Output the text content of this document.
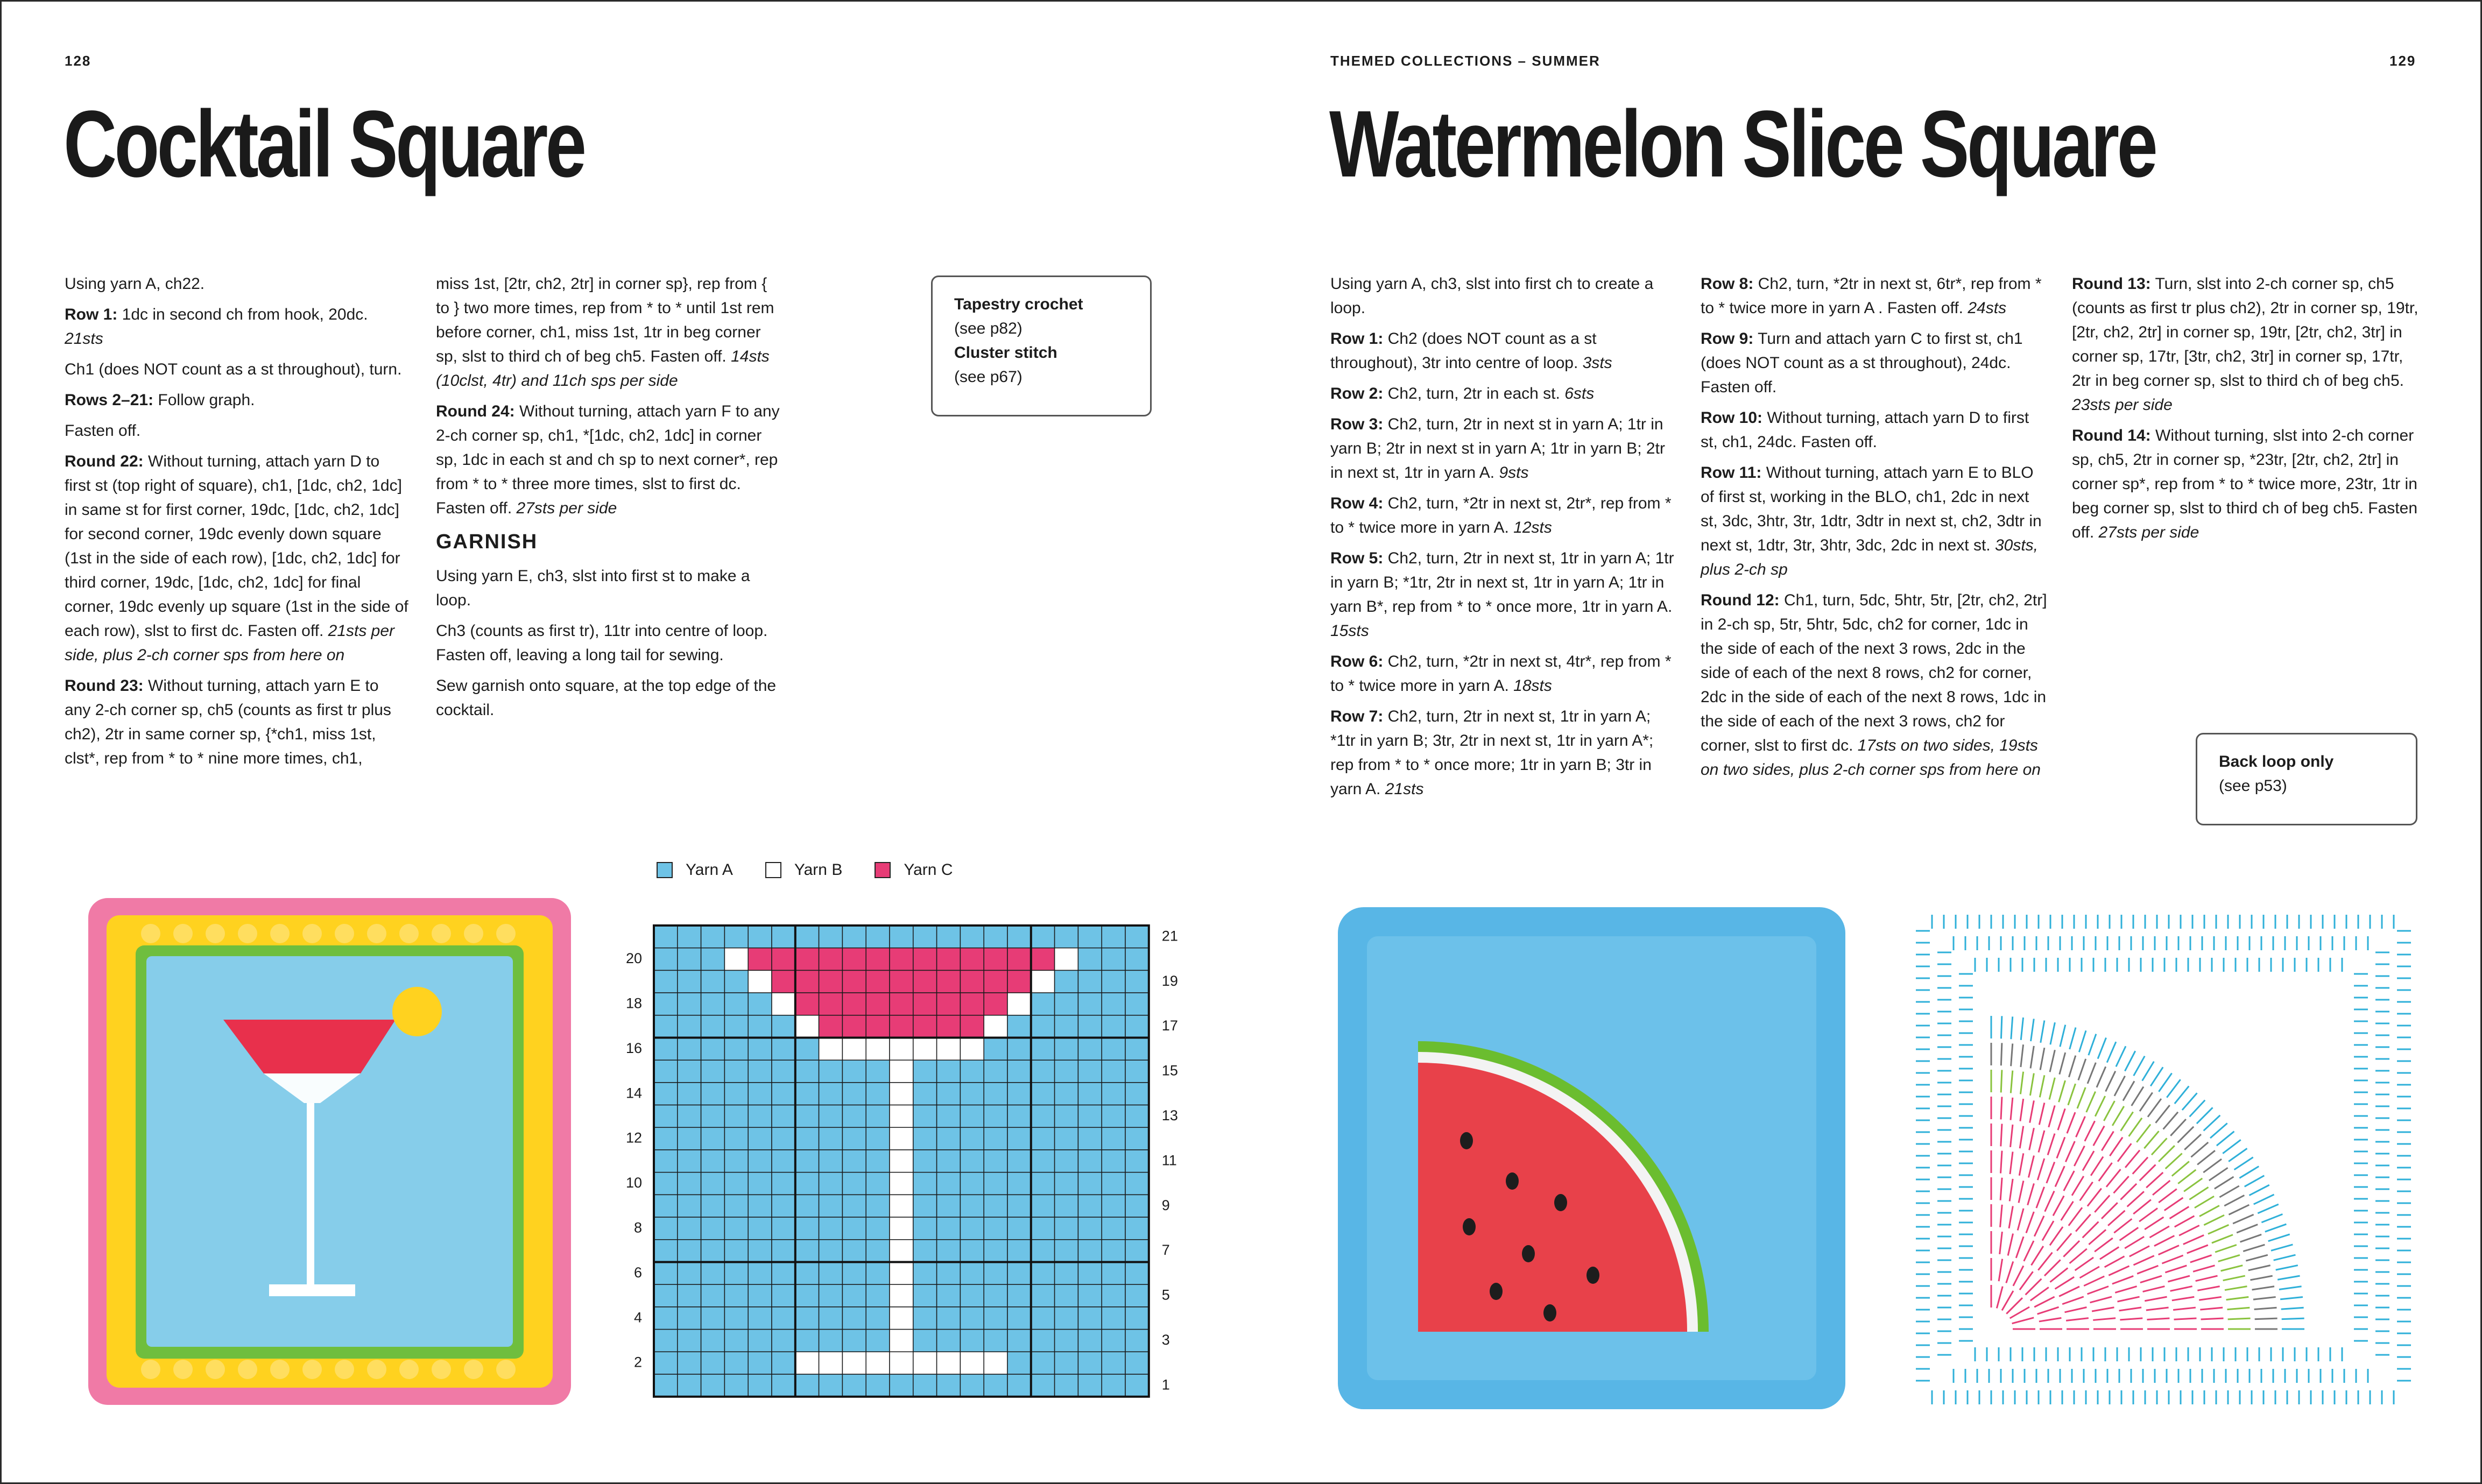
128
Cocktail Square

Using yarn A, ch22.

Row 1: 1dc in second ch from hook, 20dc. 21sts

Ch1 (does NOT count as a st throughout), turn.

Rows 2–21: Follow graph.

Fasten off.

Round 22: Without turning, attach yarn D to first st (top right of square), ch1, [1dc, ch2, 1dc] in same st for first corner, 19dc, [1dc, ch2, 1dc] for second corner, 19dc evenly down square (1st in the side of each row), [1dc, ch2, 1dc] for third corner, 19dc, [1dc, ch2, 1dc] for final corner, 19dc evenly up square (1st in the side of each row), slst to first dc. Fasten off. 21sts per side, plus 2-ch corner sps from here on

Round 23: Without turning, attach yarn E to any 2-ch corner sp, ch5 (counts as first tr plus ch2), 2tr in same corner sp, {*ch1, miss 1st, clst*, rep from * to * nine more times, ch1,

miss 1st, [2tr, ch2, 2tr] in corner sp}, rep from { to } two more times, rep from * to * until 1st rem before corner, ch1, miss 1st, 1tr in beg corner sp, slst to third ch of beg ch5. Fasten off. 14sts (10clst, 4tr) and 11ch sps per side

Round 24: Without turning, attach yarn F to any 2-ch corner sp, ch1, *[1dc, ch2, 1dc] in corner sp, 1dc in each st and ch sp to next corner*, rep from * to * three more times, slst to first dc. Fasten off. 27sts per side

GARNISH

Using yarn E, ch3, slst into first st to make a loop.

Ch3 (counts as first tr), 11tr into centre of loop. Fasten off, leaving a long tail for sewing.

Sew garnish onto square, at the top edge of the cocktail.

Tapestry crochet
(see p82)
Cluster stitch
(see p67)
Yarn A	Yarn B	Yarn C
20
18
16
14
12
10
8
6
4
2
21
19
17
15
13
11
9
7
5
3
1
THEMED COLLECTIONS – SUMMER	129
Watermelon Slice Square

Using yarn A, ch3, slst into first ch to create a loop.

Row 1: Ch2 (does NOT count as a st throughout), 3tr into centre of loop. 3sts

Row 2: Ch2, turn, 2tr in each st. 6sts

Row 3: Ch2, turn, 2tr in next st in yarn A; 1tr in yarn B; 2tr in next st in yarn A; 1tr in yarn B; 2tr in next st, 1tr in yarn A. 9sts

Row 4: Ch2, turn, *2tr in next st, 2tr*, rep from * to * twice more in yarn A. 12sts

Row 5: Ch2, turn, 2tr in next st, 1tr in yarn A; 1tr in yarn B; *1tr, 2tr in next st, 1tr in yarn A; 1tr in yarn B*, rep from * to * once more, 1tr in yarn A. 15sts

Row 6: Ch2, turn, *2tr in next st, 4tr*, rep from * to * twice more in yarn A. 18sts

Row 7: Ch2, turn, 2tr in next st, 1tr in yarn A; *1tr in yarn B; 3tr, 2tr in next st, 1tr in yarn A*; rep from * to * once more; 1tr in yarn B; 3tr in yarn A. 21sts

Row 8: Ch2, turn, *2tr in next st, 6tr*, rep from * to * twice more in yarn A . Fasten off. 24sts

Row 9: Turn and attach yarn C to first st, ch1 (does NOT count as a st throughout), 24dc. Fasten off.

Row 10: Without turning, attach yarn D to first st, ch1, 24dc. Fasten off.

Row 11: Without turning, attach yarn E to BLO of first st, working in the BLO, ch1, 2dc in next st, 3dc, 3htr, 3tr, 1dtr, 3dtr in next st, ch2, 3dtr in next st, 1dtr, 3tr, 3htr, 3dc, 2dc in next st. 30sts, plus 2-ch sp

Round 12: Ch1, turn, 5dc, 5htr, 5tr, [2tr, ch2, 2tr] in 2-ch sp, 5tr, 5htr, 5dc, ch2 for corner, 1dc in the side of each of the next 3 rows, 2dc in the side of each of the next 8 rows, ch2 for corner, 2dc in the side of each of the next 8 rows, 1dc in the side of each of the next 3 rows, ch2 for corner, slst to first dc. 17sts on two sides, 19sts on two sides, plus 2-ch corner sps from here on

Round 13: Turn, slst into 2-ch corner sp, ch5 (counts as first tr plus ch2), 2tr in corner sp, 19tr, [2tr, ch2, 2tr] in corner sp, 19tr, [2tr, ch2, 3tr] in corner sp, 17tr, [3tr, ch2, 3tr] in corner sp, 17tr, 2tr in beg corner sp, slst to third ch of beg ch5. 23sts per side

Round 14: Without turning, slst into 2-ch corner sp, ch5, 2tr in corner sp, *23tr, [2tr, ch2, 2tr] in corner sp*, rep from * to * twice more, 23tr, 1tr in beg corner sp, slst to third ch of beg ch5. Fasten off. 27sts per side

Back loop only
(see p53)
